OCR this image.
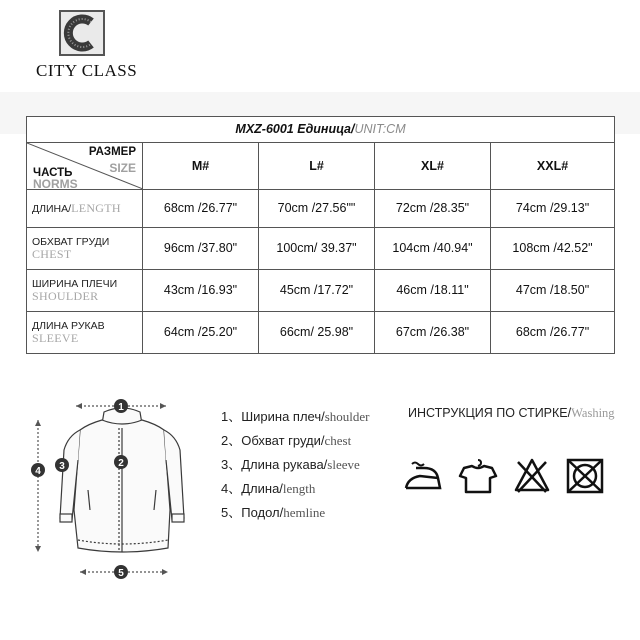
CITY CLASS
MXZ-6001 Единица/UNIT:CM				

РАЗМЕР
SIZE
ЧАСТЬ
NORMS	M#	L#	XL#	XXL#
ДЛИНА/LENGTH	68cm /26.77"	70cm /27.56""	72cm /28.35"	74cm /29.13"

ОБХВАТ ГРУДИ
CHEST	96cm /37.80"	100cm/ 39.37"	104cm /40.94"	108cm /42.52"

ШИРИНА ПЛЕЧИ
SHOULDER	43cm /16.93"	45cm /17.72"	46cm /18.11"	47cm /18.50"

ДЛИНА РУКАВ
SLEEVE	64cm /25.20"	66cm/ 25.98"	67cm /26.38"	68cm /26.77"
1
2
3
4
5
1、Ширина плеч/shoulder
2、Обхват груди/chest
3、Длина рукава/sleeve
4、Длина/length
5、Подол/hemline
ИНСТРУКЦИЯ ПО СТИРКЕ/Washing
